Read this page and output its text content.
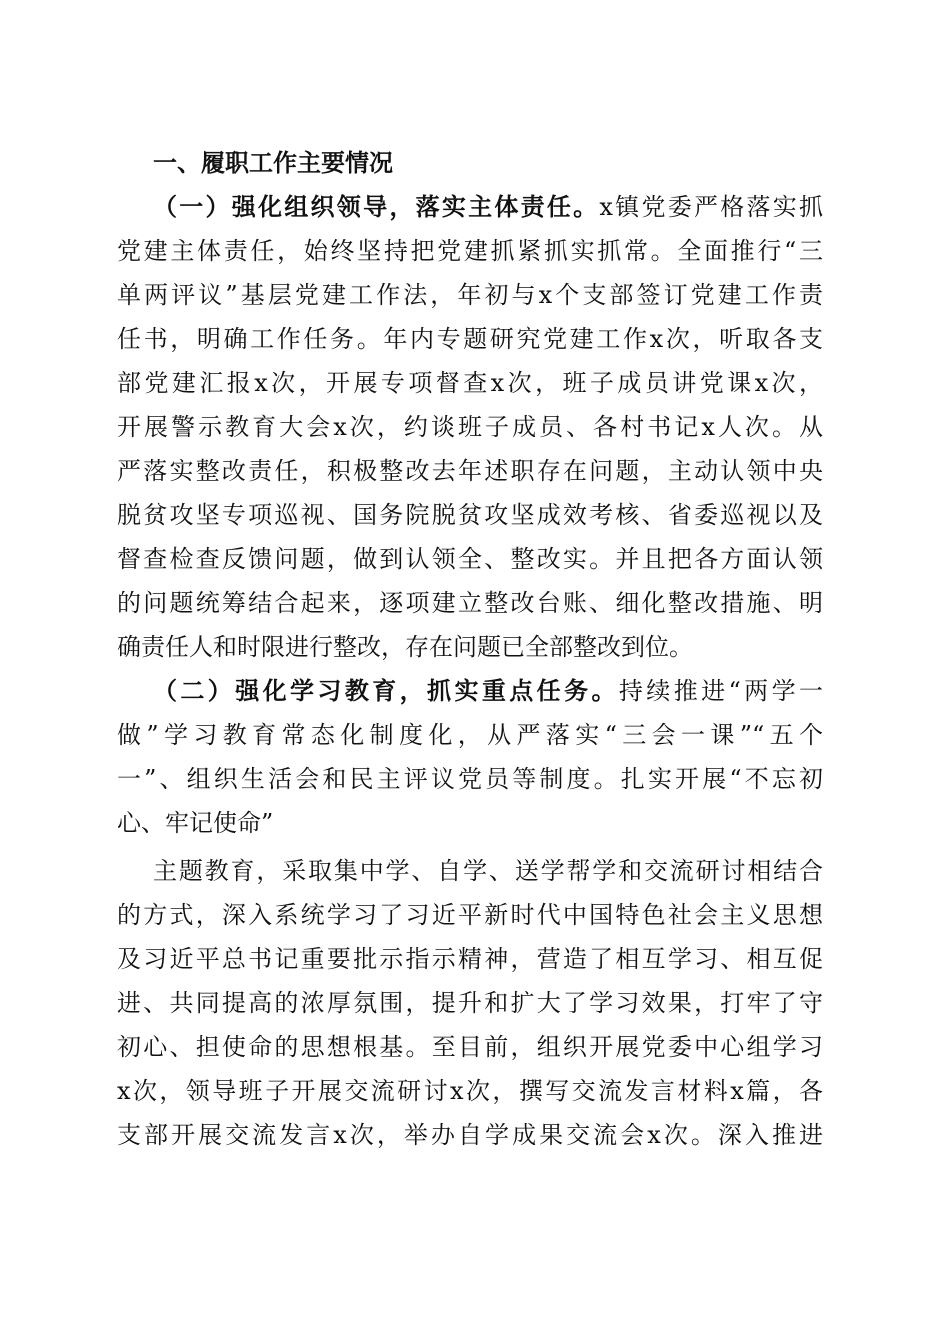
一、履职工作主要情况
（一）强化组织领导，落实主体责任。x镇党委严格落实抓
党建主体责任，始终坚持把党建抓紧抓实抓常。全面推行“三
单两评议”基层党建工作法，年初与x个支部签订党建工作责
任书，明确工作任务。年内专题研究党建工作x次，听取各支
部党建汇报x次，开展专项督查x次，班子成员讲党课x次，
开展警示教育大会x次，约谈班子成员、各村书记x人次。从
严落实整改责任，积极整改去年述职存在问题，主动认领中央
脱贫攻坚专项巡视、国务院脱贫攻坚成效考核、省委巡视以及
督查检查反馈问题，做到认领全、整改实。并且把各方面认领
的问题统筹结合起来，逐项建立整改台账、细化整改措施、明
确责任人和时限进行整改，存在问题已全部整改到位。
（二）强化学习教育，抓实重点任务。持续推进“两学一
做”学习教育常态化制度化，从严落实“三会一课”“五个
一”、组织生活会和民主评议党员等制度。扎实开展“不忘初
心、牢记使命”
主题教育，采取集中学、自学、送学帮学和交流研讨相结合
的方式，深入系统学习了习近平新时代中国特色社会主义思想
及习近平总书记重要批示指示精神，营造了相互学习、相互促
进、共同提高的浓厚氛围，提升和扩大了学习效果，打牢了守
初心、担使命的思想根基。至目前，组织开展党委中心组学习
x次，领导班子开展交流研讨x次，撰写交流发言材料x篇，各
支部开展交流发言x次，举办自学成果交流会x次。深入推进
